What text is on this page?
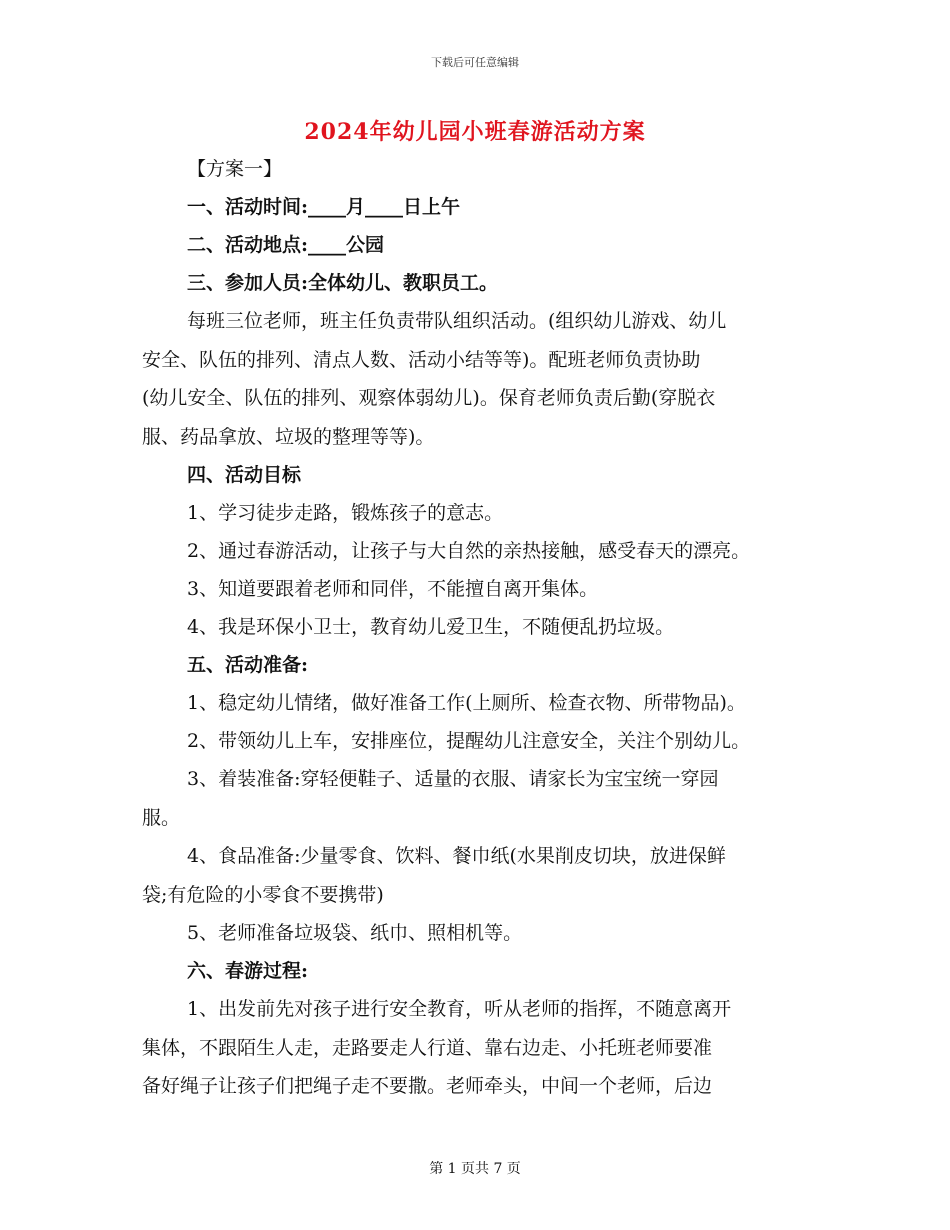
下载后可任意编辑
2024年幼儿园小班春游活动方案
【方案一】
一、活动时间:____月____日上午
二、活动地点:____公园
三、参加人员:全体幼儿、教职员工。

每班三位老师，班主任负责带队组织活动。(组织幼儿游戏、幼儿

安全、队伍的排列、清点人数、活动小结等等)。配班老师负责协助

(幼儿安全、队伍的排列、观察体弱幼儿)。保育老师负责后勤(穿脱衣

服、药品拿放、垃圾的整理等等)。

四、活动目标
1、学习徒步走路，锻炼孩子的意志。
2、通过春游活动，让孩子与大自然的亲热接触，感受春天的漂亮。
3、知道要跟着老师和同伴，不能擅自离开集体。
4、我是环保小卫士，教育幼儿爱卫生，不随便乱扔垃圾。
五、活动准备:
1、稳定幼儿情绪，做好准备工作(上厕所、检查衣物、所带物品)。
2、带领幼儿上车，安排座位，提醒幼儿注意安全，关注个别幼儿。

3、着装准备:穿轻便鞋子、适量的衣服、请家长为宝宝统一穿园

服。

4、食品准备:少量零食、饮料、餐巾纸(水果削皮切块，放进保鲜

袋;有危险的小零食不要携带)

5、老师准备垃圾袋、纸巾、照相机等。
六、春游过程:

1、出发前先对孩子进行安全教育，听从老师的指挥，不随意离开

集体，不跟陌生人走，走路要走人行道、靠右边走、小托班老师要准

备好绳子让孩子们把绳子走不要撒。老师牵头，中间一个老师，后边

第 1 页共 7 页
